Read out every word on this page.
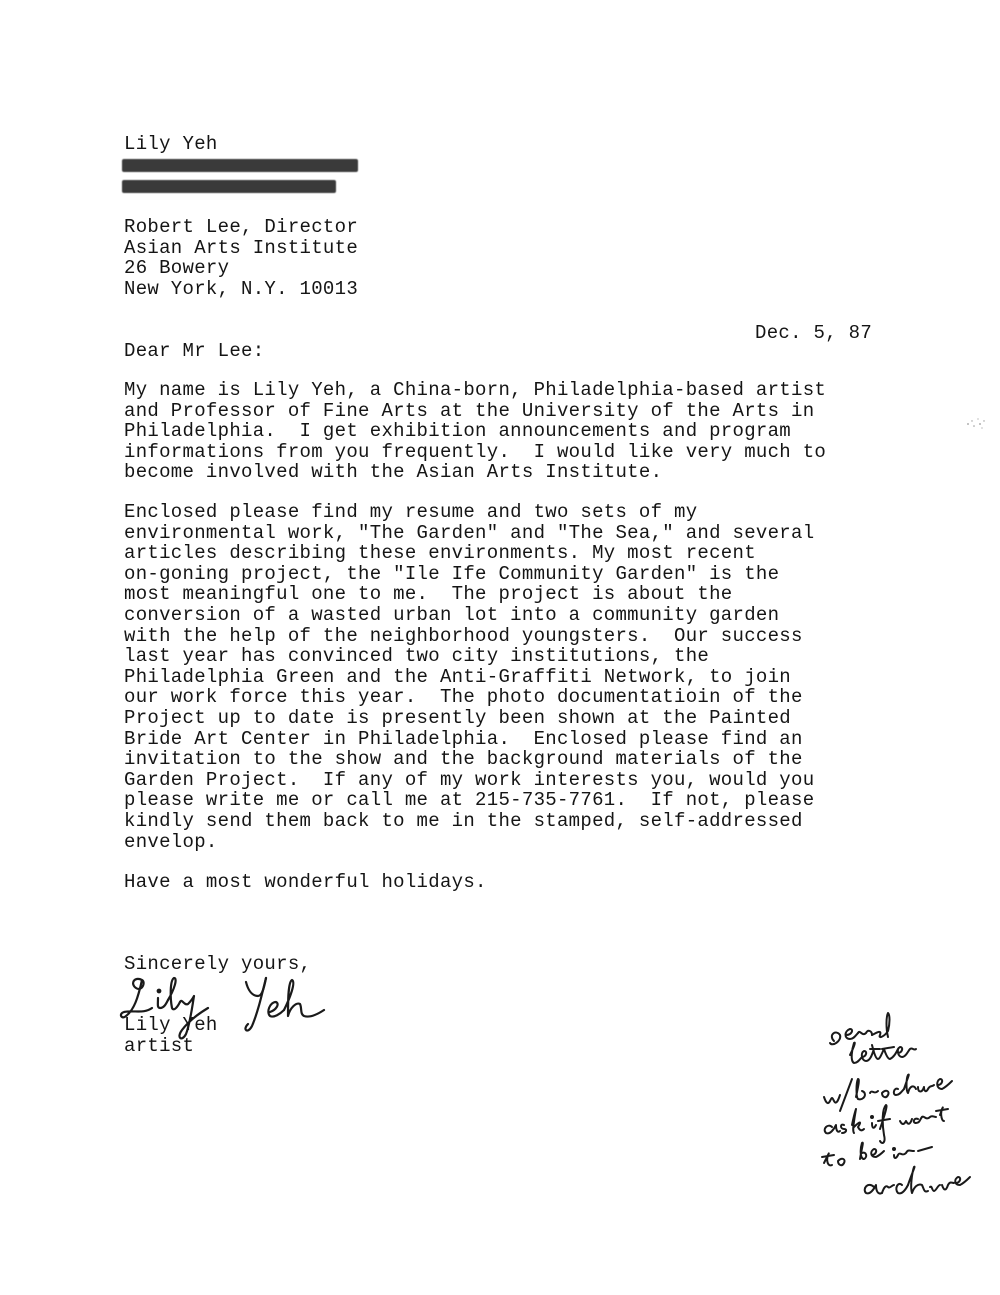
Lily Yeh
Robert Lee, Director
Asian Arts Institute
26 Bowery
New York, N.Y. 10013
Dec. 5, 87
Dear Mr Lee:
My name is Lily Yeh, a China-born, Philadelphia-based artist
and Professor of Fine Arts at the University of the Arts in
Philadelphia.  I get exhibition announcements and program
informations from you frequently.  I would like very much to
become involved with the Asian Arts Institute.
Enclosed please find my resume and two sets of my
environmental work, "The Garden" and "The Sea," and several
articles describing these environments. My most recent
on-goning project, the "Ile Ife Community Garden" is the
most meaningful one to me.  The project is about the
conversion of a wasted urban lot into a community garden
with the help of the neighborhood youngsters.  Our success
last year has convinced two city institutions, the
Philadelphia Green and the Anti-Graffiti Network, to join
our work force this year.  The photo documentatioin of the
Project up to date is presently been shown at the Painted
Bride Art Center in Philadelphia.  Enclosed please find an
invitation to the show and the background materials of the
Garden Project.  If any of my work interests you, would you
please write me or call me at 215-735-7761.  If not, please
kindly send them back to me in the stamped, self-addressed
envelop.
Have a most wonderful holidays.
Sincerely yours,
Lily Yeh
artist
